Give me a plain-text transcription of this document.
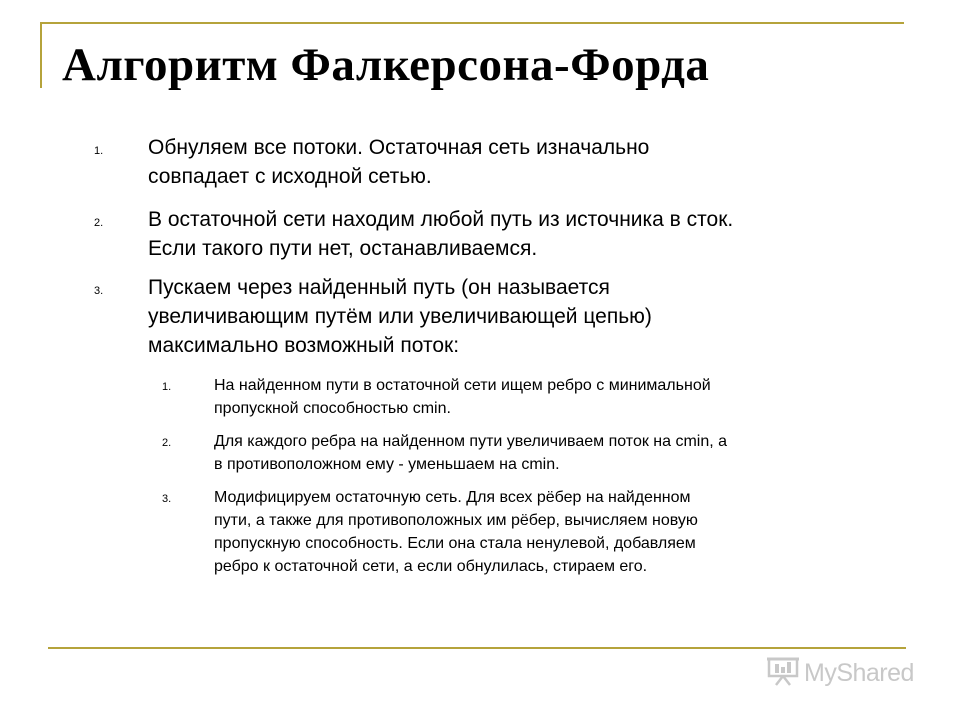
Алгоритм Фалкерсона-Форда
1. Обнуляем все потоки. Остаточная сеть изначально
совпадает с исходной сетью.
2. В остаточной сети находим любой путь из источника в сток.
Если такого пути нет, останавливаемся.
3. Пускаем через найденный путь (он называется
увеличивающим путём или увеличивающей цепью)
максимально возможный поток:
1.	На найденном пути в остаточной сети ищем ребро с минимальной
пропускной способностью cmin.
2.	Для каждого ребра на найденном пути увеличиваем поток на cmin, а
в противоположном ему - уменьшаем на cmin.
3.	Модифицируем остаточную сеть. Для всех рёбер на найденном
пути, а также для противоположных им рёбер, вычисляем новую
пропускную способность. Если она стала ненулевой, добавляем
ребро к остаточной сети, а если обнулилась, стираем его.
MyShared
